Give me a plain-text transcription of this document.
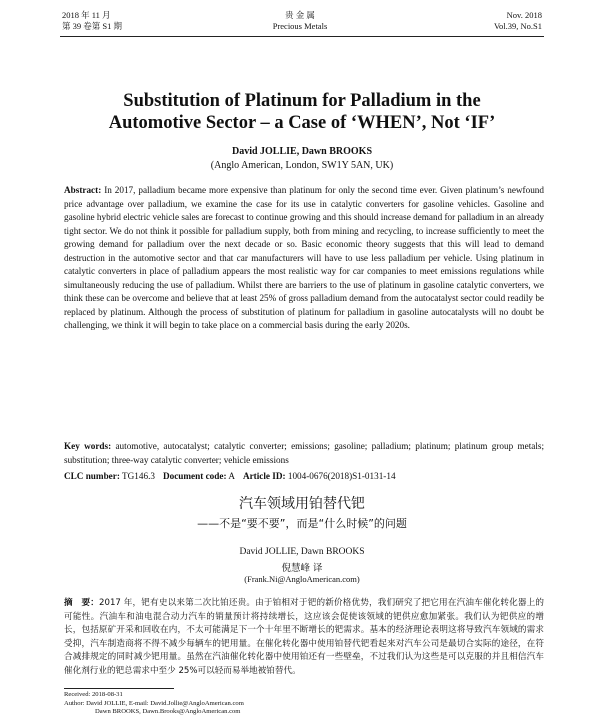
2018 年 11 月
第 39 卷第 S1 期
贵 金 属
Precious Metals
Nov. 2018
Vol.39, No.S1
Substitution of Platinum for Palladium in the
Automotive Sector – a Case of ‘WHEN’, Not ‘IF’
David JOLLIE, Dawn BROOKS
(Anglo American, London, SW1Y 5AN, UK)

Abstract: In 2017, palladium became more expensive than platinum for only the second time ever. Given platinum’s newfound price advantage over palladium, we examine the case for its use in catalytic converters for gasoline vehicles. Gasoline and gasoline hybrid electric vehicle sales are forecast to continue growing and this should increase demand for palladium in an already tight sector. We do not think it possible for palladium supply, both from mining and recycling, to increase sufficiently to meet the growing demand for palladium over the next decade or so. Basic economic theory suggests that this will lead to demand destruction in the automotive sector and that car manufacturers will have to use less palladium per vehicle. Using platinum in catalytic converters in place of palladium appears the most realistic way for car companies to meet emissions regulations while simultaneously reducing the use of palladium. Whilst there are barriers to the use of platinum in gasoline catalytic converters, we think these can be overcome and believe that at least 25% of gross palladium demand from the autocatalyst sector could readily be replaced by platinum. Although the process of substitution of platinum for palladium in gasoline autocatalysts will no doubt be challenging, we think it will begin to take place on a commercial basis during the early 2020s.

Key words: automotive, autocatalyst; catalytic converter; emissions; gasoline; palladium; platinum; platinum group metals; substitution; three-way catalytic converter; vehicle emissions

CLC number: TG146.3 Document code: A Article ID: 1004-0676(2018)S1-0131-14

汽车领域用铂替代钯
——不是“要不要”，而是“什么时候”的问题
David JOLLIE, Dawn BROOKS
倪慧峰 译
(Frank.Ni@AngloAmerican.com)

摘　要：2017 年，钯有史以来第二次比铂还贵。由于铂相对于钯的新价格优势，我们研究了把它用在汽油车催化转化器上的可能性。汽油车和油电混合动力汽车的销量预计将持续增长，这应该会促使该领域的钯供应愈加紧张。我们认为钯供应的增长，包括原矿开采和回收在内，不太可能满足下一个十年里不断增长的钯需求。基本的经济理论表明这将导致汽车领域的需求受抑，汽车制造商将不得不减少每辆车的钯用量。在催化转化器中使用铂替代钯看起来对汽车公司是最切合实际的途径，在符合减排规定的同时减少钯用量。虽然在汽油催化转化器中使用铂还有一些壁垒，不过我们认为这些是可以克服的并且相信汽车催化剂行业的钯总需求中至少 25%可以轻而易举地被铂替代。

Received: 2018-08-31
Author: David JOLLIE, E-mail: David.Jollie@AngloAmerican.com
Dawn BROOKS, Dawn.Brooks@AngloAmerican.com
